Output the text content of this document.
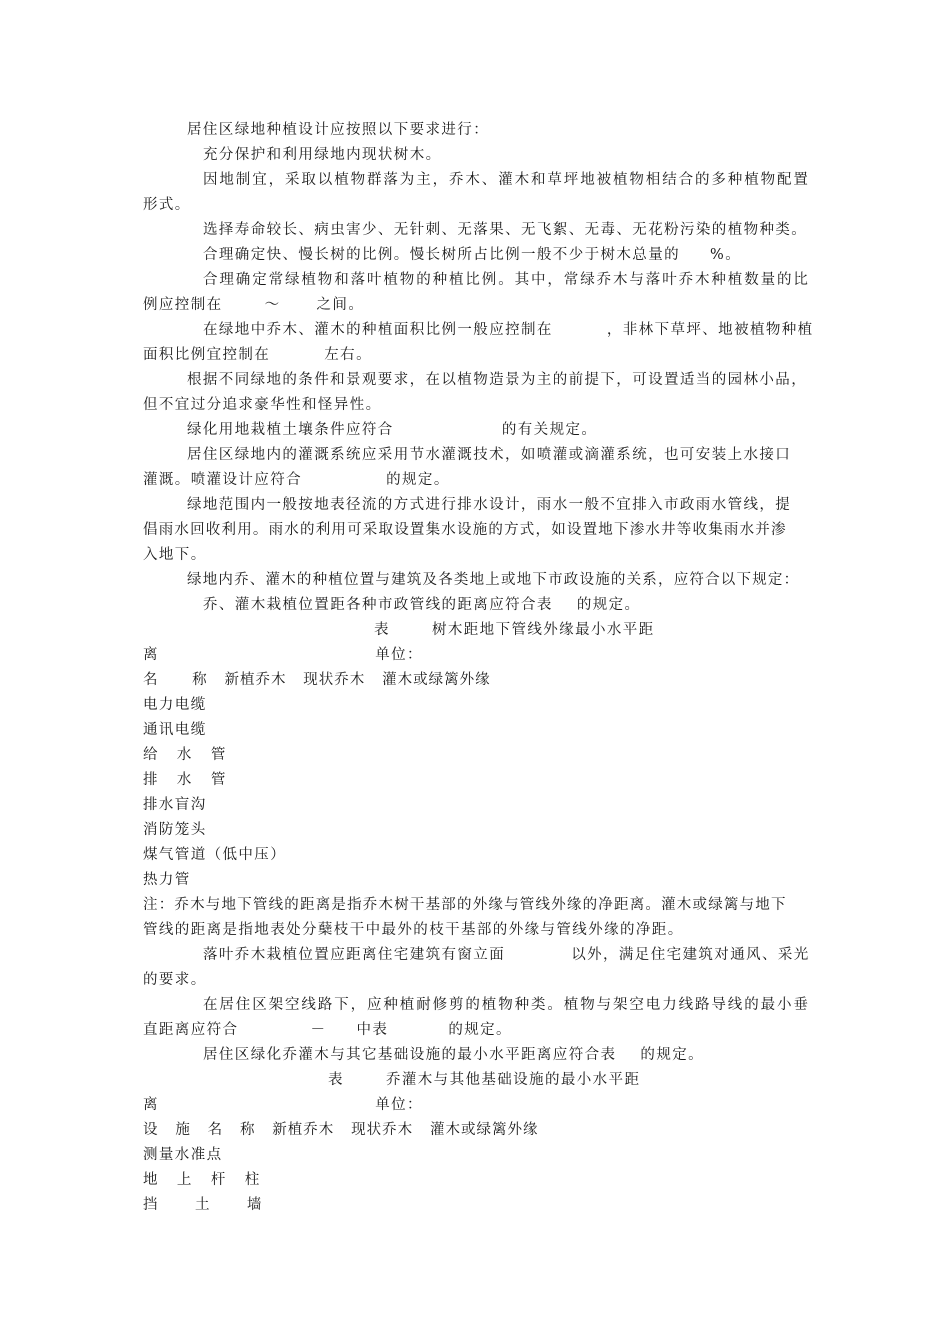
居住区绿地种植设计应按照以下要求进行：
充分保护和利用绿地内现状树木。
因地制宜，采取以植物群落为主，乔木、灌木和草坪地被植物相结合的多种植物配置
形式。
选择寿命较长、病虫害少、无针刺、无落果、无飞絮、无毒、无花粉污染的植物种类。
合理确定快、慢长树的比例。慢长树所占比例一般不少于树木总量的     %。
合理确定常绿植物和落叶植物的种植比例。其中，常绿乔木与落叶乔木种植数量的比
例应控制在       ～      之间。
在绿地中乔木、灌木的种植面积比例一般应控制在         ，非林下草坪、地被植物种植
面积比例宜控制在         左右。
根据不同绿地的条件和景观要求，在以植物造景为主的前提下，可设置适当的园林小品，
但不宜过分追求豪华性和怪异性。
绿化用地栽植土壤条件应符合                  的有关规定。
居住区绿地内的灌溉系统应采用节水灌溉技术，如喷灌或滴灌系统，也可安装上水接口
灌溉。喷灌设计应符合              的规定。
绿地范围内一般按地表径流的方式进行排水设计，雨水一般不宜排入市政雨水管线，提
倡雨水回收利用。雨水的利用可采取设置集水设施的方式，如设置地下渗水井等收集雨水并渗
入地下。
绿地内乔、灌木的种植位置与建筑及各类地上或地下市政设施的关系，应符合以下规定：
乔、灌木栽植位置距各种市政管线的距离应符合表    的规定。
表       树木距地下管线外缘最小水平距
离                                    单位：
名      称   新植乔木   现状乔木   灌木或绿篱外缘
电力电缆
通讯电缆
给   水   管
排   水   管
排水盲沟
消防笼头
煤气管道（低中压）
热力管
注：乔木与地下管线的距离是指乔木树干基部的外缘与管线外缘的净距离。灌木或绿篱与地下
管线的距离是指地表处分蘖枝干中最外的枝干基部的外缘与管线外缘的净距。
落叶乔木栽植位置应距离住宅建筑有窗立面           以外，满足住宅建筑对通风、采光
的要求。
在居住区架空线路下，应种植耐修剪的植物种类。植物与架空电力线路导线的最小垂
直距离应符合            －     中表          的规定。
居住区绿化乔灌木与其它基础设施的最小水平距离应符合表    的规定。
表       乔灌木与其他基础设施的最小水平距
离                                    单位：
设   施   名   称   新植乔木   现状乔木   灌木或绿篱外缘
测量水准点
地   上   杆   柱
挡      土      墙
